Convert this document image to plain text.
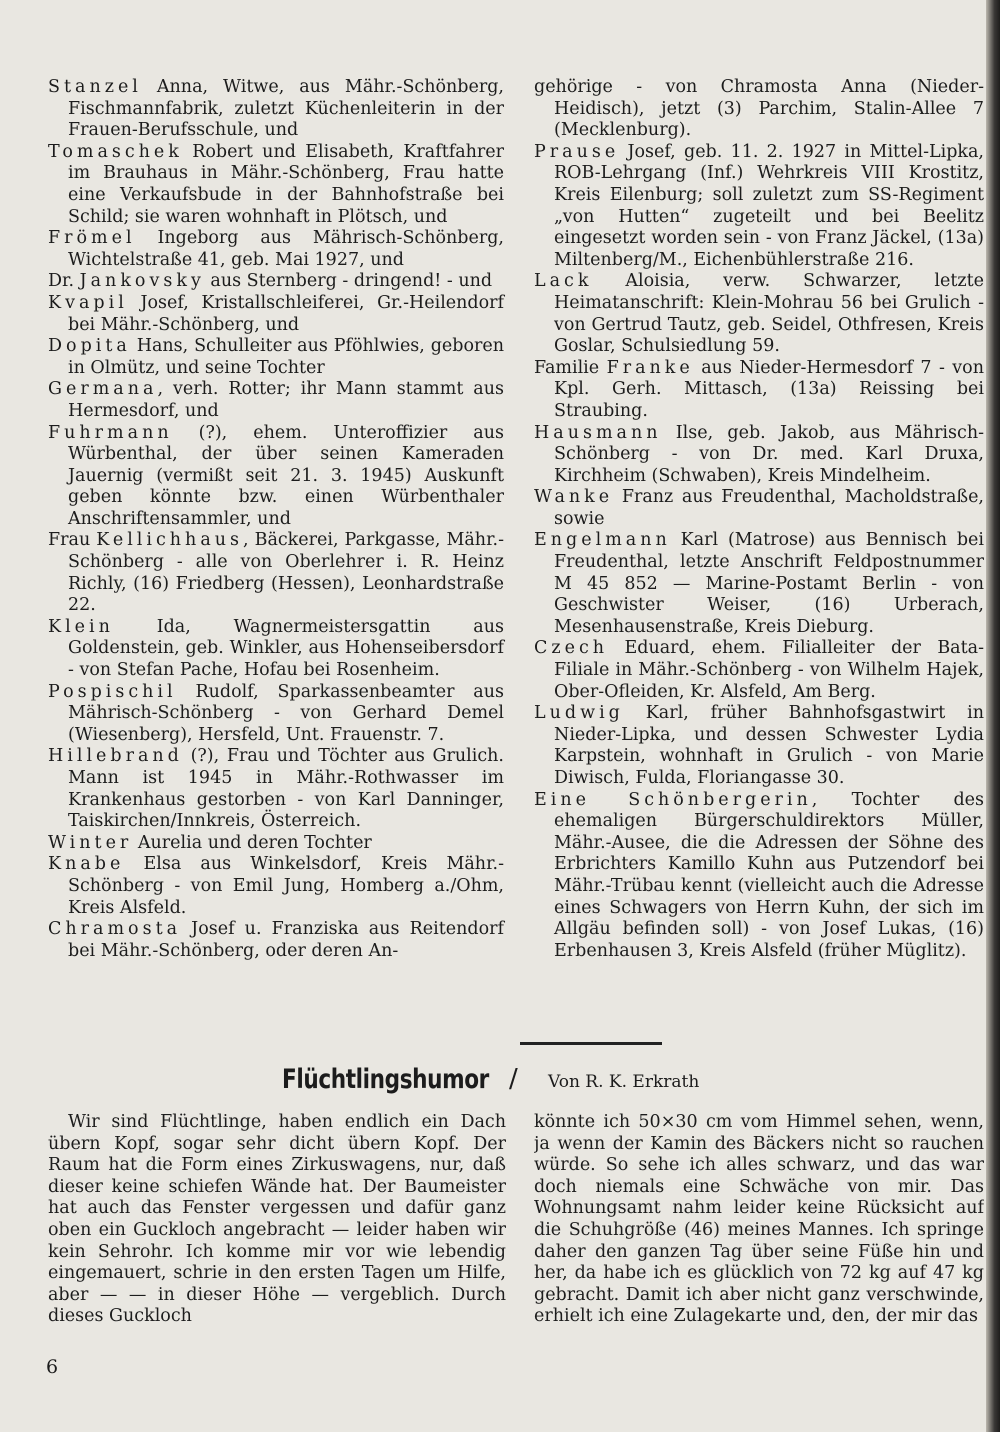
Stanzel Anna, Witwe, aus Mähr.-Schönberg, Fischmannfabrik, zuletzt Küchenleiterin in der Frauen-Berufsschule, und

Tomaschek Robert und Elisabeth, Kraftfahrer im Brauhaus in Mähr.-Schönberg, Frau hatte eine Verkaufsbude in der Bahnhofstraße bei Schild; sie waren wohnhaft in Plötsch, und

Frömel Ingeborg aus Mährisch-Schönberg, Wichtelstraße 41, geb. Mai 1927, und

Dr. Jankovsky aus Sternberg - dringend! - und

Kvapil Josef, Kristallschleiferei, Gr.-Heilendorf bei Mähr.-Schönberg, und

Dopita Hans, Schulleiter aus Pföhlwies, geboren in Olmütz, und seine Tochter

Germana, verh. Rotter; ihr Mann stammt aus Hermesdorf, und

Fuhrmann (?), ehem. Unteroffizier aus Würbenthal, der über seinen Kameraden Jauernig (vermißt seit 21. 3. 1945) Auskunft geben könnte bzw. einen Würbenthaler Anschriftensammler, und

Frau Kellichhaus, Bäckerei, Parkgasse, Mähr.-Schönberg - alle von Oberlehrer i. R. Heinz Richly, (16) Friedberg (Hessen), Leonhardstraße 22.

Klein Ida, Wagnermeistersgattin aus Goldenstein, geb. Winkler, aus Hohenseibersdorf - von Stefan Pache, Hofau bei Rosenheim.

Pospischil Rudolf, Sparkassenbeamter aus Mährisch-Schönberg - von Gerhard Demel (Wiesenberg), Hersfeld, Unt. Frauenstr. 7.

Hillebrand (?), Frau und Töchter aus Grulich. Mann ist 1945 in Mähr.-Rothwasser im Krankenhaus gestorben - von Karl Danninger, Taiskirchen/Innkreis, Österreich.

Winter Aurelia und deren Tochter

Knabe Elsa aus Winkelsdorf, Kreis Mähr.-Schönberg - von Emil Jung, Homberg a./Ohm, Kreis Alsfeld.

Chramosta Josef u. Franziska aus Reitendorf bei Mähr.-Schönberg, oder deren An-

gehörige - von Chramosta Anna (Nieder-Heidisch), jetzt (3) Parchim, Stalin-Allee 7 (Mecklenburg).

Prause Josef, geb. 11. 2. 1927 in Mittel-Lipka, ROB-Lehrgang (Inf.) Wehrkreis VIII Krostitz, Kreis Eilenburg; soll zuletzt zum SS-Regiment „von Hutten“ zugeteilt und bei Beelitz eingesetzt worden sein - von Franz Jäckel, (13a) Miltenberg/M., Eichenbühlerstraße 216.

Lack Aloisia, verw. Schwarzer, letzte Heimatanschrift: Klein-Mohrau 56 bei Grulich - von Gertrud Tautz, geb. Seidel, Othfresen, Kreis Goslar, Schulsiedlung 59.

Familie Franke aus Nieder-Hermesdorf 7 - von Kpl. Gerh. Mittasch, (13a) Reissing bei Straubing.

Hausmann Ilse, geb. Jakob, aus Mährisch-Schönberg - von Dr. med. Karl Druxa, Kirchheim (Schwaben), Kreis Mindelheim.

Wanke Franz aus Freudenthal, Macholdstraße, sowie

Engelmann Karl (Matrose) aus Bennisch bei Freudenthal, letzte Anschrift Feldpostnummer M 45 852 — Marine-Postamt Berlin - von Geschwister Weiser, (16) Urberach, Mesenhausenstraße, Kreis Dieburg.

Czech Eduard, ehem. Filialleiter der Bata-Filiale in Mähr.-Schönberg - von Wilhelm Hajek, Ober-Ofleiden, Kr. Alsfeld, Am Berg.

Ludwig Karl, früher Bahnhofsgastwirt in Nieder-Lipka, und dessen Schwester Lydia Karpstein, wohnhaft in Grulich - von Marie Diwisch, Fulda, Floriangasse 30.

Eine Schönbergerin, Tochter des ehemaligen Bürgerschuldirektors Müller, Mähr.-Ausee, die die Adressen der Söhne des Erbrichters Kamillo Kuhn aus Putzendorf bei Mähr.-Trübau kennt (vielleicht auch die Adresse eines Schwagers von Herrn Kuhn, der sich im Allgäu befinden soll) - von Josef Lukas, (16) Erbenhausen 3, Kreis Alsfeld (früher Müglitz).

Flüchtlingshumor / Von R. K. Erkrath

Wir sind Flüchtlinge, haben endlich ein Dach übern Kopf, sogar sehr dicht übern Kopf. Der Raum hat die Form eines Zirkuswagens, nur, daß dieser keine schiefen Wände hat. Der Baumeister hat auch das Fenster vergessen und dafür ganz oben ein Guckloch angebracht — leider haben wir kein Sehrohr. Ich komme mir vor wie lebendig eingemauert, schrie in den ersten Tagen um Hilfe, aber — — in dieser Höhe — vergeblich. Durch dieses Guckloch

könnte ich 50×30 cm vom Himmel sehen, wenn, ja wenn der Kamin des Bäckers nicht so rauchen würde. So sehe ich alles schwarz, und das war doch niemals eine Schwäche von mir. Das Wohnungsamt nahm leider keine Rücksicht auf die Schuhgröße (46) meines Mannes. Ich springe daher den ganzen Tag über seine Füße hin und her, da habe ich es glücklich von 72 kg auf 47 kg gebracht. Damit ich aber nicht ganz verschwinde, erhielt ich eine Zulagekarte und, den, der mir das

6
